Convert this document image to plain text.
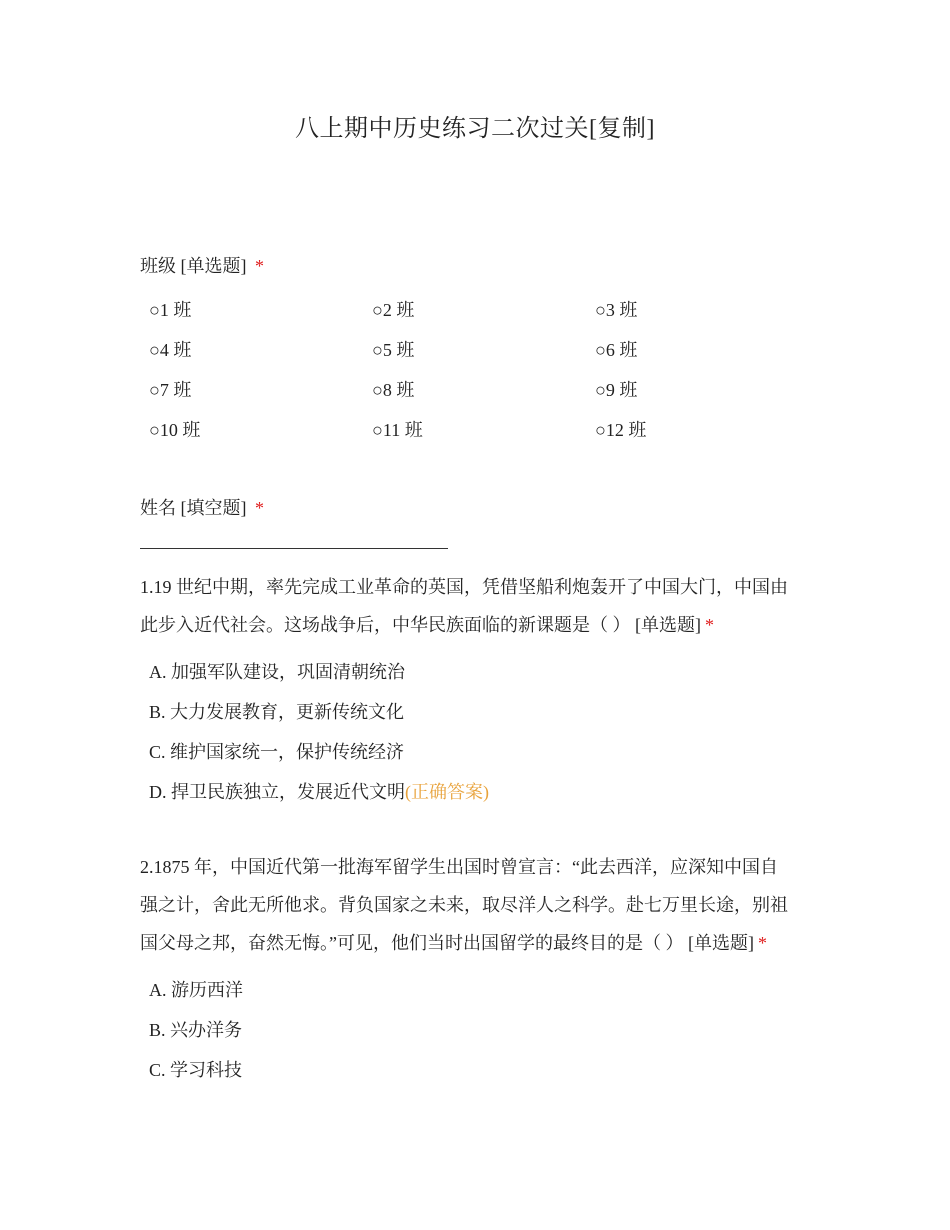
八上期中历史练习二次过关[复制]
班级 [单选题] *
○1 班	○2 班	○3 班
○4 班	○5 班	○6 班
○7 班	○8 班	○9 班
○10 班	○11 班	○12 班
姓名 [填空题] *
1.19 世纪中期，率先完成工业革命的英国，凭借坚船利炮轰开了中国大门，中国由
此步入近代社会。这场战争后，中华民族面临的新课题是（ ） [单选题] *
A. 加强军队建设，巩固清朝统治
B. 大力发展教育，更新传统文化
C. 维护国家统一，保护传统经济
D. 捍卫民族独立，发展近代文明(正确答案)
2.1875 年，中国近代第一批海军留学生出国时曾宣言：“此去西洋，应深知中国自
强之计，舍此无所他求。背负国家之未来，取尽洋人之科学。赴七万里长途，别祖
国父母之邦，奋然无悔。”可见，他们当时出国留学的最终目的是（ ） [单选题] *
A. 游历西洋
B. 兴办洋务
C. 学习科技
